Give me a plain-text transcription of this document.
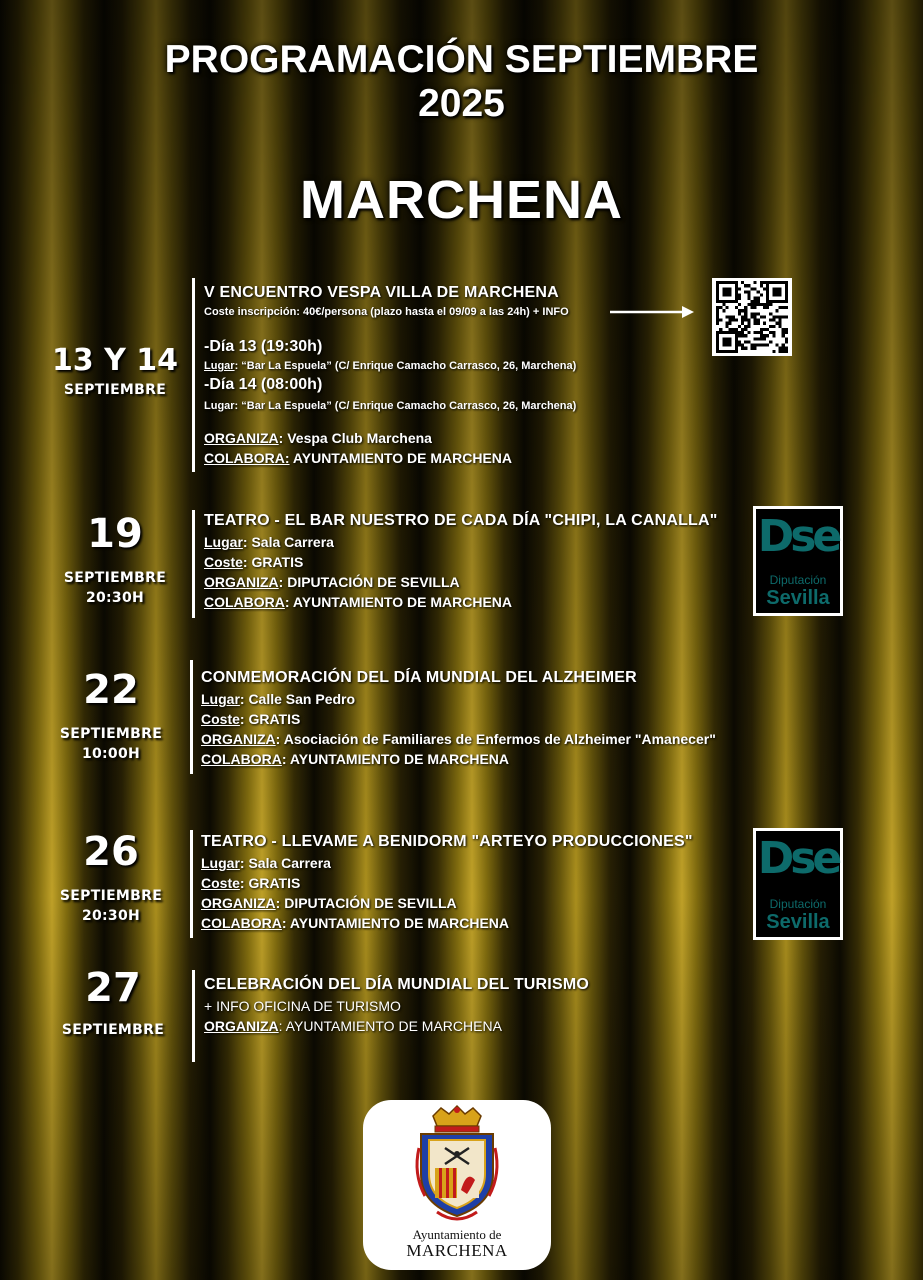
PROGRAMACIÓN SEPTIEMBRE
2025
MARCHENA
13 Y 14
SEPTIEMBRE
V ENCUENTRO VESPA VILLA DE MARCHENA
Coste inscripción: 40€/persona (plazo hasta el 09/09 a las 24h) + INFO
-Día 13 (19:30h)
Lugar: “Bar La Espuela” (C/ Enrique Camacho Carrasco, 26, Marchena)
-Día 14 (08:00h)
Lugar: “Bar La Espuela” (C/ Enrique Camacho Carrasco, 26, Marchena)
ORGANIZA: Vespa Club Marchena
COLABORA: AYUNTAMIENTO DE MARCHENA
19
SEPTIEMBRE
20:30H
TEATRO - EL BAR NUESTRO DE CADA DÍA "CHIPI, LA CANALLA"
Lugar: Sala Carrera
Coste: GRATIS
ORGANIZA: DIPUTACIÓN DE SEVILLA
COLABORA: AYUNTAMIENTO DE MARCHENA
Dse
Diputación
Sevilla
22
SEPTIEMBRE
10:00H
CONMEMORACIÓN DEL DÍA MUNDIAL DEL ALZHEIMER
Lugar: Calle San Pedro
Coste: GRATIS
ORGANIZA: Asociación de Familiares de Enfermos de Alzheimer "Amanecer"
COLABORA: AYUNTAMIENTO DE MARCHENA
26
SEPTIEMBRE
20:30H
TEATRO - LLEVAME A BENIDORM "ARTEYO PRODUCCIONES"
Lugar: Sala Carrera
Coste: GRATIS
ORGANIZA: DIPUTACIÓN DE SEVILLA
COLABORA: AYUNTAMIENTO DE MARCHENA
Dse
Diputación
Sevilla
27
SEPTIEMBRE
CELEBRACIÓN DEL DÍA MUNDIAL DEL TURISMO
+ INFO OFICINA DE TURISMO
ORGANIZA: AYUNTAMIENTO DE MARCHENA
Ayuntamiento de
MARCHENA
